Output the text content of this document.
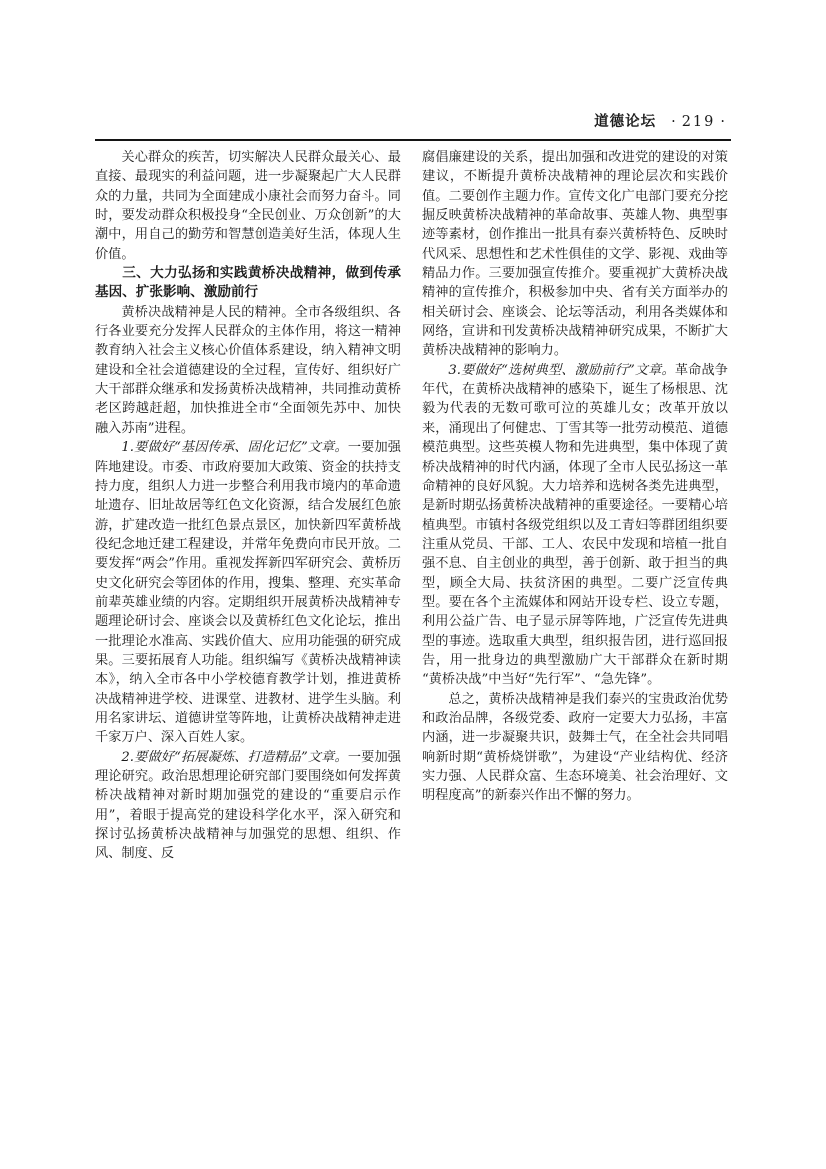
道德论坛 · 219 ·

关心群众的疾苦，切实解决人民群众最关心、最直接、最现实的利益问题，进一步凝聚起广大人民群众的力量，共同为全面建成小康社会而努力奋斗。同时，要发动群众积极投身“全民创业、万众创新”的大潮中，用自己的勤劳和智慧创造美好生活，体现人生价值。

三、大力弘扬和实践黄桥决战精神，做到传承基因、扩张影响、激励前行

黄桥决战精神是人民的精神。全市各级组织、各行各业要充分发挥人民群众的主体作用，将这一精神教育纳入社会主义核心价值体系建设，纳入精神文明建设和全社会道德建设的全过程，宣传好、组织好广大干部群众继承和发扬黄桥决战精神，共同推动黄桥老区跨越赶超，加快推进全市“全面领先苏中、加快融入苏南”进程。

1.要做好“基因传承、固化记忆”文章。一要加强阵地建设。市委、市政府要加大政策、资金的扶持支持力度，组织人力进一步整合利用我市境内的革命遗址遗存、旧址故居等红色文化资源，结合发展红色旅游，扩建改造一批红色景点景区，加快新四军黄桥战役纪念地迁建工程建设，并常年免费向市民开放。二要发挥“两会”作用。重视发挥新四军研究会、黄桥历史文化研究会等团体的作用，搜集、整理、充实革命前辈英雄业绩的内容。定期组织开展黄桥决战精神专题理论研讨会、座谈会以及黄桥红色文化论坛，推出一批理论水准高、实践价值大、应用功能强的研究成果。三要拓展育人功能。组织编写《黄桥决战精神读本》，纳入全市各中小学校德育教学计划，推进黄桥决战精神进学校、进课堂、进教材、进学生头脑。利用名家讲坛、道德讲堂等阵地，让黄桥决战精神走进千家万户、深入百姓人家。

2.要做好“拓展凝炼、打造精品”文章。一要加强理论研究。政治思想理论研究部门要围绕如何发挥黄桥决战精神对新时期加强党的建设的“重要启示作用”，着眼于提高党的建设科学化水平，深入研究和探讨弘扬黄桥决战精神与加强党的思想、组织、作风、制度、反

腐倡廉建设的关系，提出加强和改进党的建设的对策建议，不断提升黄桥决战精神的理论层次和实践价值。二要创作主题力作。宣传文化广电部门要充分挖掘反映黄桥决战精神的革命故事、英雄人物、典型事迹等素材，创作推出一批具有泰兴黄桥特色、反映时代风采、思想性和艺术性俱佳的文学、影视、戏曲等精品力作。三要加强宣传推介。要重视扩大黄桥决战精神的宣传推介，积极参加中央、省有关方面举办的相关研讨会、座谈会、论坛等活动，利用各类媒体和网络，宣讲和刊发黄桥决战精神研究成果，不断扩大黄桥决战精神的影响力。

3.要做好“选树典型、激励前行”文章。革命战争年代，在黄桥决战精神的感染下，诞生了杨根思、沈毅为代表的无数可歌可泣的英雄儿女；改革开放以来，涌现出了何健忠、丁雪其等一批劳动模范、道德模范典型。这些英模人物和先进典型，集中体现了黄桥决战精神的时代内涵，体现了全市人民弘扬这一革命精神的良好风貌。大力培养和选树各类先进典型，是新时期弘扬黄桥决战精神的重要途径。一要精心培植典型。市镇村各级党组织以及工青妇等群团组织要注重从党员、干部、工人、农民中发现和培植一批自强不息、自主创业的典型，善于创新、敢于担当的典型，顾全大局、扶贫济困的典型。二要广泛宣传典型。要在各个主流媒体和网站开设专栏、设立专题，利用公益广告、电子显示屏等阵地，广泛宣传先进典型的事迹。选取重大典型，组织报告团，进行巡回报告，用一批身边的典型激励广大干部群众在新时期“黄桥决战”中当好“先行军”、“急先锋”。

总之，黄桥决战精神是我们泰兴的宝贵政治优势和政治品牌，各级党委、政府一定要大力弘扬，丰富内涵，进一步凝聚共识，鼓舞士气，在全社会共同唱响新时期“黄桥烧饼歌”，为建设“产业结构优、经济实力强、人民群众富、生态环境美、社会治理好、文明程度高”的新泰兴作出不懈的努力。
